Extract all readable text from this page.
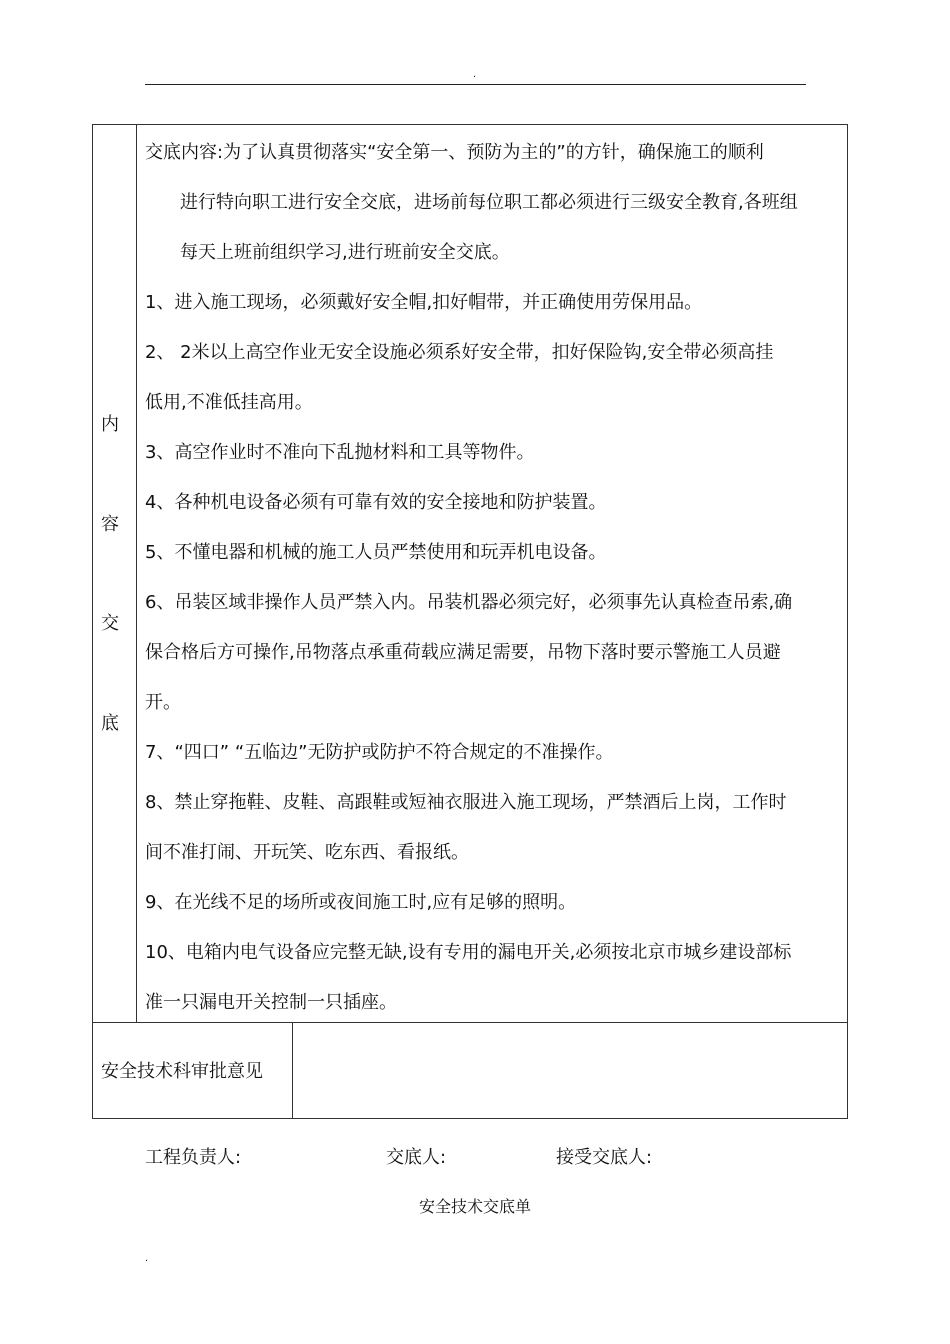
.
内
容
交
底
交底内容:为了认真贯彻落实“安全第一、预防为主的”的方针，确保施工的顺利
进行特向职工进行安全交底，进场前每位职工都必须进行三级安全教育,各班组
每天上班前组织学习,进行班前安全交底。
1、进入施工现场，必须戴好安全帽,扣好帽带，并正确使用劳保用品。
2、 2米以上高空作业无安全设施必须系好安全带，扣好保险钩,安全带必须高挂
低用,不准低挂高用。
3、高空作业时不准向下乱抛材料和工具等物件。
4、各种机电设备必须有可靠有效的安全接地和防护装置。
5、不懂电器和机械的施工人员严禁使用和玩弄机电设备。
6、吊装区域非操作人员严禁入内。吊装机器必须完好，必须事先认真检查吊索,确
保合格后方可操作,吊物落点承重荷载应满足需要，吊物下落时要示警施工人员避
开。
7、“四口” “五临边”无防护或防护不符合规定的不准操作。
8、禁止穿拖鞋、皮鞋、高跟鞋或短袖衣服进入施工现场，严禁酒后上岗，工作时
间不准打闹、开玩笑、吃东西、看报纸。
9、在光线不足的场所或夜间施工时,应有足够的照明。
10、电箱内电气设备应完整无缺,设有专用的漏电开关,必须按北京市城乡建设部标
准一只漏电开关控制一只插座。
安全技术科审批意见
工程负责人:	交底人:	接受交底人:
安全技术交底单
.
